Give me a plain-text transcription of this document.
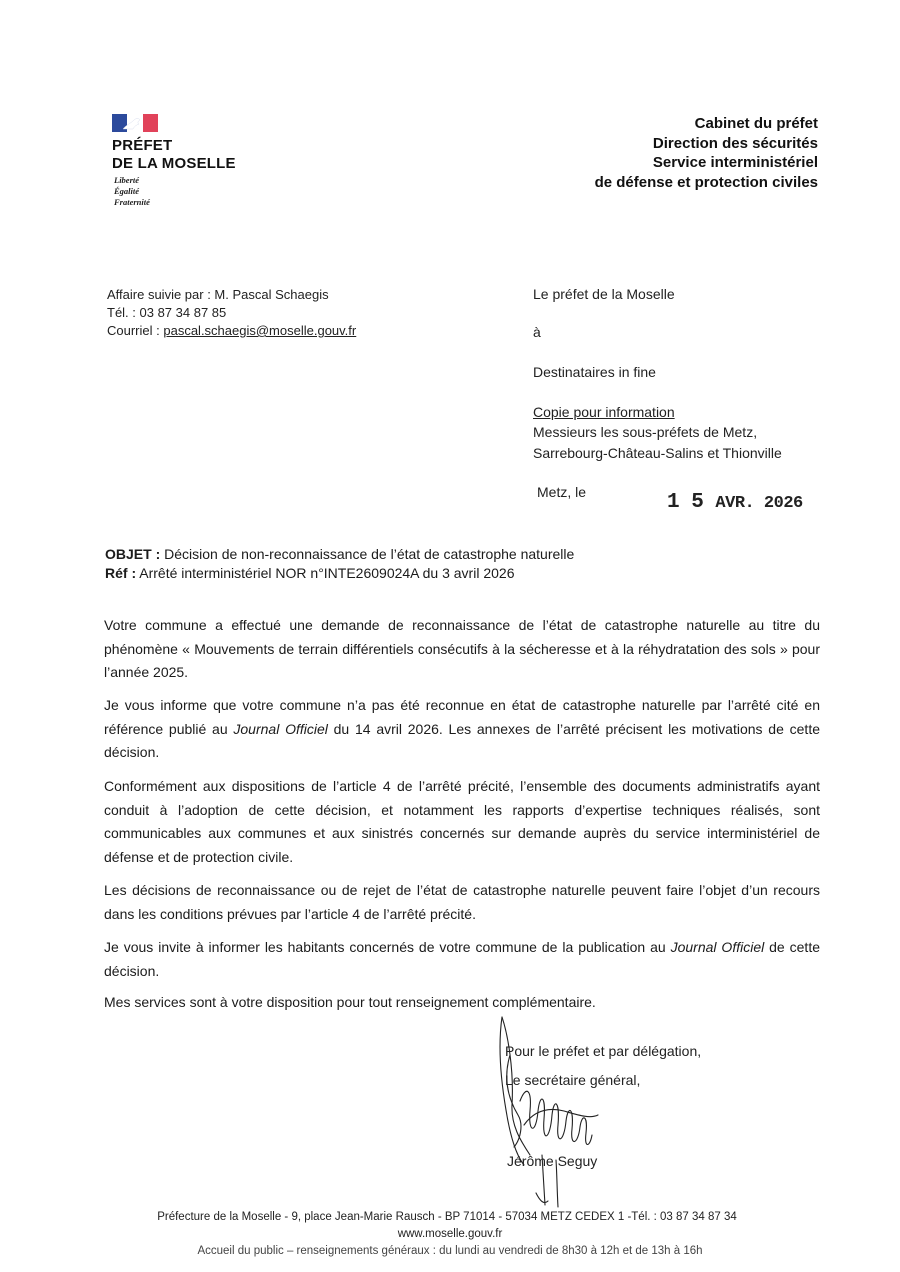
PRÉFET
DE LA MOSELLE
Liberté
Égalité
Fraternité
Cabinet du préfet
Direction des sécurités
Service interministériel
de défense et protection civiles
Affaire suivie par : M. Pascal Schaegis
Tél. : 03 87 34 87 85
Courriel : pascal.schaegis@moselle.gouv.fr
Le préfet de la Moselle
à
Destinataires in fine
Copie pour information
Messieurs les sous-préfets de Metz,
Sarrebourg-Château-Salins et Thionville
Metz, le	1 5 AVR. 2026
OBJET : Décision de non-reconnaissance de l’état de catastrophe naturelle
Réf : Arrêté interministériel NOR n°INTE2609024A du 3 avril 2026
Votre commune a effectué une demande de reconnaissance de l’état de catastrophe naturelle au titre du phénomène « Mouvements de terrain différentiels consécutifs à la sécheresse et à la réhydratation des sols » pour l’année 2025.
Je vous informe que votre commune n’a pas été reconnue en état de catastrophe naturelle par l’arrêté cité en référence publié au Journal Officiel du 14 avril 2026. Les annexes de l’arrêté précisent les motivations de cette décision.
Conformément aux dispositions de l’article 4 de l’arrêté précité, l’ensemble des documents administratifs ayant conduit à l’adoption de cette décision, et notamment les rapports d’expertise techniques réalisés, sont communicables aux communes et aux sinistrés concernés sur demande auprès du service interministériel de défense et de protection civile.
Les décisions de reconnaissance ou de rejet de l’état de catastrophe naturelle peuvent faire l’objet d’un recours dans les conditions prévues par l’article 4 de l’arrêté précité.
Je vous invite à informer les habitants concernés de votre commune de la publication au Journal Officiel de cette décision.
Mes services sont à votre disposition pour tout renseignement complémentaire.
Pour le préfet et par délégation,
Le secrétaire général,
Jérôme Seguy
Préfecture de la Moselle - 9, place Jean-Marie Rausch - BP 71014 - 57034 METZ CEDEX 1 -Tél. : 03 87 34 87 34
www.moselle.gouv.fr
Accueil du public – renseignements généraux : du lundi au vendredi de 8h30 à 12h et de 13h à 16h
